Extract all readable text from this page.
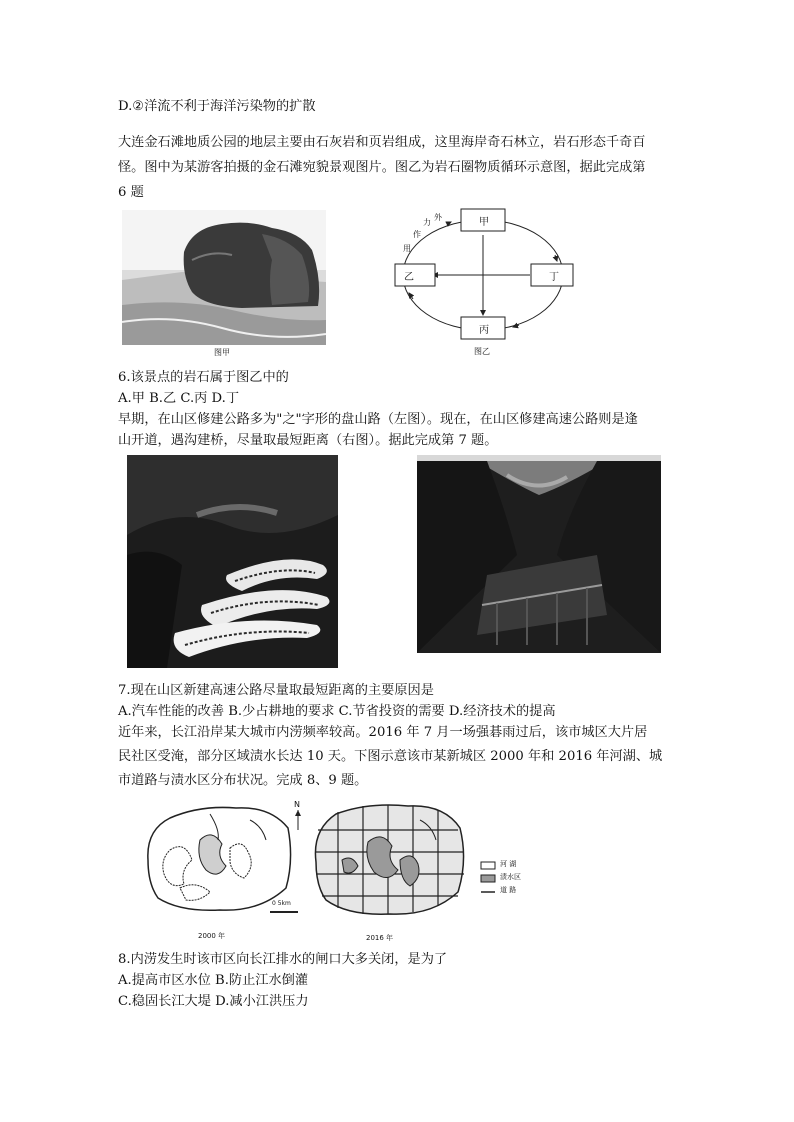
D.②洋流不利于海洋污染物的扩散
大连金石滩地质公园的地层主要由石灰岩和页岩组成，这里海岸奇石林立，岩石形态千奇百
怪。图中为某游客拍摄的金石滩宛貌景观图片。图乙为岩石圈物质循环示意图，据此完成第
6 题
图甲
甲
乙	丁
丙
力
外
作
用
图乙
6.该景点的岩石属于图乙中的
A.甲 B.乙 C.丙 D.丁
早期，在山区修建公路多为"之"字形的盘山路（左图）。现在，在山区修建高速公路则是逢
山开道，遇沟建桥，尽量取最短距离（右图）。据此完成第 7 题。
7.现在山区新建高速公路尽量取最短距离的主要原因是
A.汽车性能的改善 B.少占耕地的要求 C.节省投资的需要 D.经济技术的提高
近年来，长江沿岸某大城市内涝频率较高。2016 年 7 月一场强碁雨过后，该市城区大片居
民社区受淹，部分区域渍水长达 10 天。下图示意该市某新城区 2000 年和 2016 年河湖、城
市道路与渍水区分布状况。完成 8、9 题。
N
0 5km
2000 年	2016 年
河 湖
渍水区
道 路
8.内涝发生时该市区向长江排水的闸口大多关闭，是为了
A.提高市区水位 B.防止江水倒灌
C.稳固长江大堤 D.减小江洪压力
